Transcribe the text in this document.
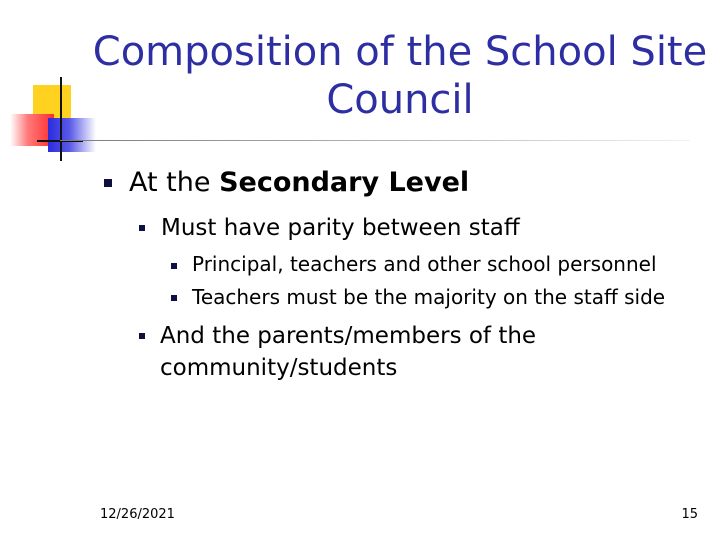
Composition of the School Site Council

At the Secondary Level

Must have parity between staff

Principal, teachers and other school personnel

Teachers must be the majority on the staff side

And the parents/members of the

community/students

12/26/2021	15
